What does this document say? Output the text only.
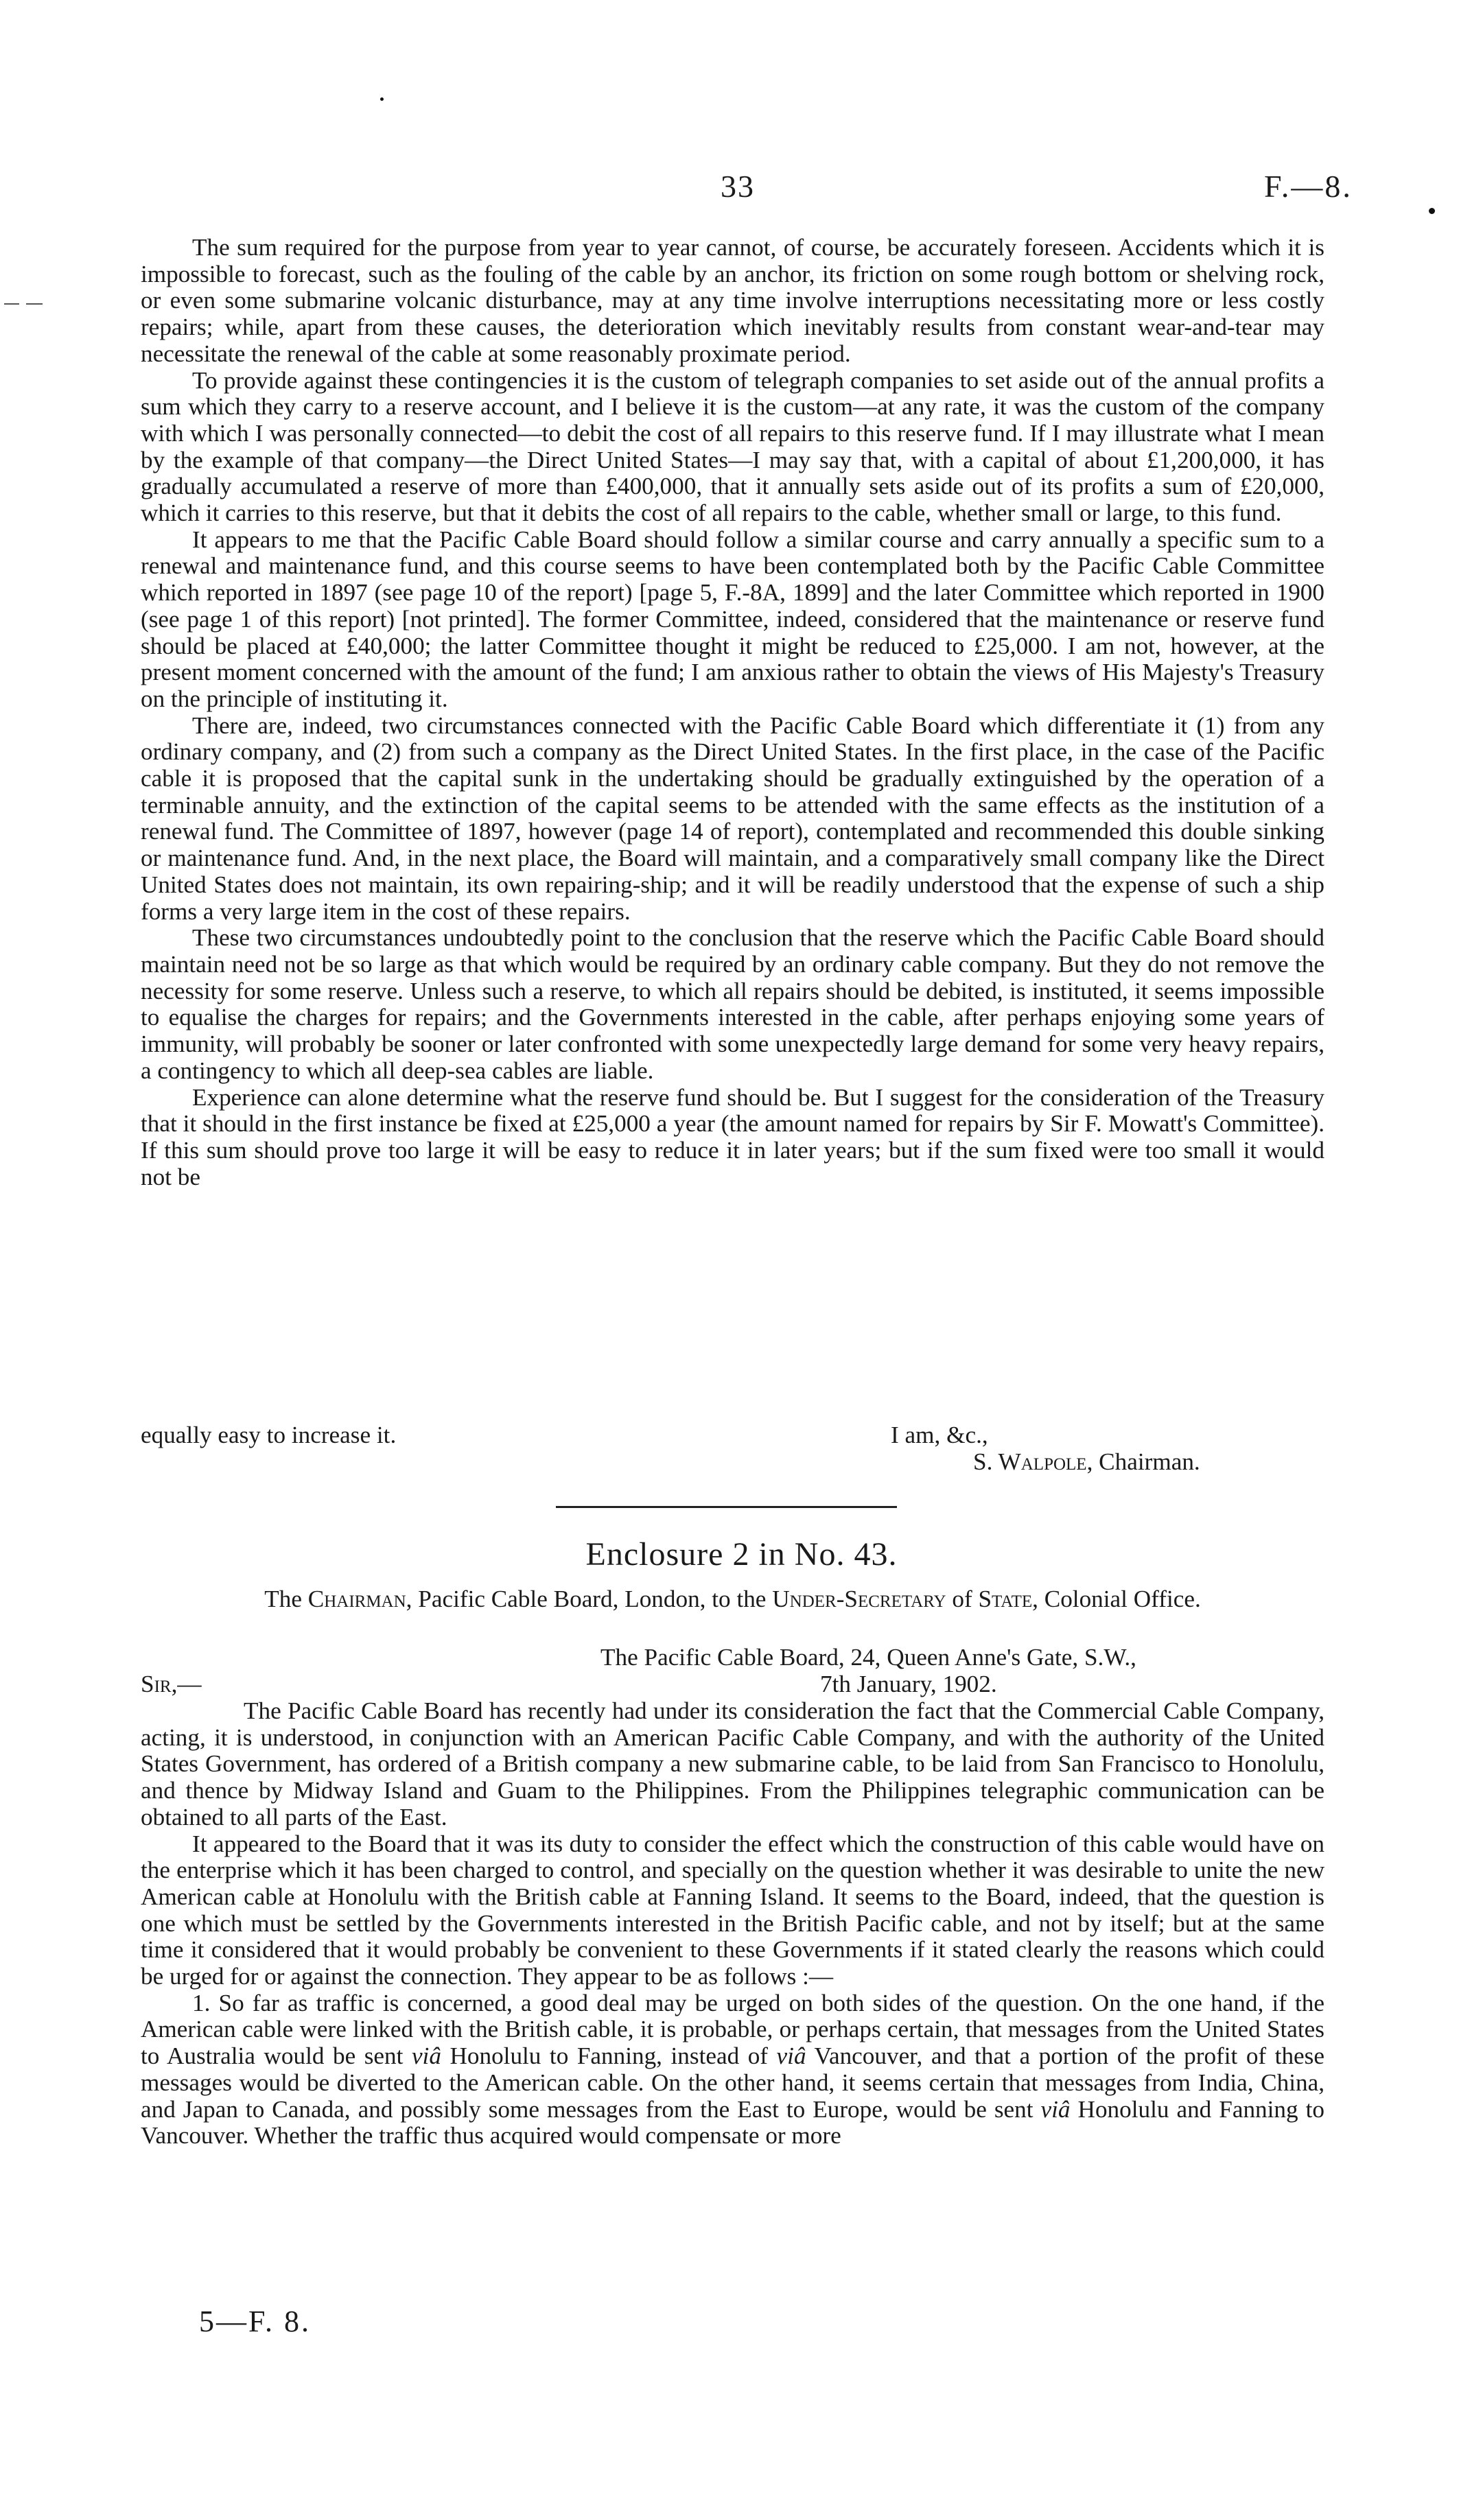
33	F.—8.

The sum required for the purpose from year to year cannot, of course, be accurately foreseen. Accidents which it is impossible to forecast, such as the fouling of the cable by an anchor, its friction on some rough bottom or shelving rock, or even some submarine volcanic disturbance, may at any time involve interruptions necessitating more or less costly repairs; while, apart from these causes, the deterioration which inevitably results from constant wear-and-tear may necessitate the renewal of the cable at some reasonably proximate period.

To provide against these contingencies it is the custom of telegraph companies to set aside out of the annual profits a sum which they carry to a reserve account, and I believe it is the custom—at any rate, it was the custom of the company with which I was personally connected—to debit the cost of all repairs to this reserve fund. If I may illustrate what I mean by the example of that company—the Direct United States—I may say that, with a capital of about £1,200,000, it has gradually accumulated a reserve of more than £400,000, that it annually sets aside out of its profits a sum of £20,000, which it carries to this reserve, but that it debits the cost of all repairs to the cable, whether small or large, to this fund.

It appears to me that the Pacific Cable Board should follow a similar course and carry annually a specific sum to a renewal and maintenance fund, and this course seems to have been contemplated both by the Pacific Cable Committee which reported in 1897 (see page 10 of the report) [page 5, F.-8A, 1899] and the later Committee which reported in 1900 (see page 1 of this report) [not printed]. The former Committee, indeed, considered that the maintenance or reserve fund should be placed at £40,000; the latter Committee thought it might be reduced to £25,000. I am not, however, at the present moment concerned with the amount of the fund; I am anxious rather to obtain the views of His Majesty's Treasury on the principle of instituting it.

There are, indeed, two circumstances connected with the Pacific Cable Board which differentiate it (1) from any ordinary company, and (2) from such a company as the Direct United States. In the first place, in the case of the Pacific cable it is proposed that the capital sunk in the undertaking should be gradually extinguished by the operation of a terminable annuity, and the extinction of the capital seems to be attended with the same effects as the institution of a renewal fund. The Committee of 1897, however (page 14 of report), contemplated and recommended this double sinking or maintenance fund. And, in the next place, the Board will maintain, and a comparatively small company like the Direct United States does not maintain, its own repairing-ship; and it will be readily understood that the expense of such a ship forms a very large item in the cost of these repairs.

These two circumstances undoubtedly point to the conclusion that the reserve which the Pacific Cable Board should maintain need not be so large as that which would be required by an ordinary cable company. But they do not remove the necessity for some reserve. Unless such a reserve, to which all repairs should be debited, is instituted, it seems impossible to equalise the charges for repairs; and the Governments interested in the cable, after perhaps enjoying some years of immunity, will probably be sooner or later confronted with some unexpectedly large demand for some very heavy repairs, a contingency to which all deep-sea cables are liable.

Experience can alone determine what the reserve fund should be. But I suggest for the consideration of the Treasury that it should in the first instance be fixed at £25,000 a year (the amount named for repairs by Sir F. Mowatt's Committee). If this sum should prove too large it will be easy to reduce it in later years; but if the sum fixed were too small it would not be

equally easy to increase it.	I am, &c.,
S. Walpole, Chairman.
Enclosure 2 in No. 43.
The Chairman, Pacific Cable Board, London, to the Under-Secretary of State, Colonial Office.
The Pacific Cable Board, 24, Queen Anne's Gate, S.W.,
Sir,—	7th January, 1902.

The Pacific Cable Board has recently had under its consideration the fact that the Commercial Cable Company, acting, it is understood, in conjunction with an American Pacific Cable Company, and with the authority of the United States Government, has ordered of a British company a new submarine cable, to be laid from San Francisco to Honolulu, and thence by Midway Island and Guam to the Philippines. From the Philippines telegraphic communication can be obtained to all parts of the East.

It appeared to the Board that it was its duty to consider the effect which the construction of this cable would have on the enterprise which it has been charged to control, and specially on the question whether it was desirable to unite the new American cable at Honolulu with the British cable at Fanning Island. It seems to the Board, indeed, that the question is one which must be settled by the Governments interested in the British Pacific cable, and not by itself; but at the same time it considered that it would probably be convenient to these Governments if it stated clearly the reasons which could be urged for or against the connection. They appear to be as follows :—

1. So far as traffic is concerned, a good deal may be urged on both sides of the question. On the one hand, if the American cable were linked with the British cable, it is probable, or perhaps certain, that messages from the United States to Australia would be sent viâ Honolulu to Fanning, instead of viâ Vancouver, and that a portion of the profit of these messages would be diverted to the American cable. On the other hand, it seems certain that messages from India, China, and Japan to Canada, and possibly some messages from the East to Europe, would be sent viâ Honolulu and Fanning to Vancouver. Whether the traffic thus acquired would compensate or more

5—F. 8.
